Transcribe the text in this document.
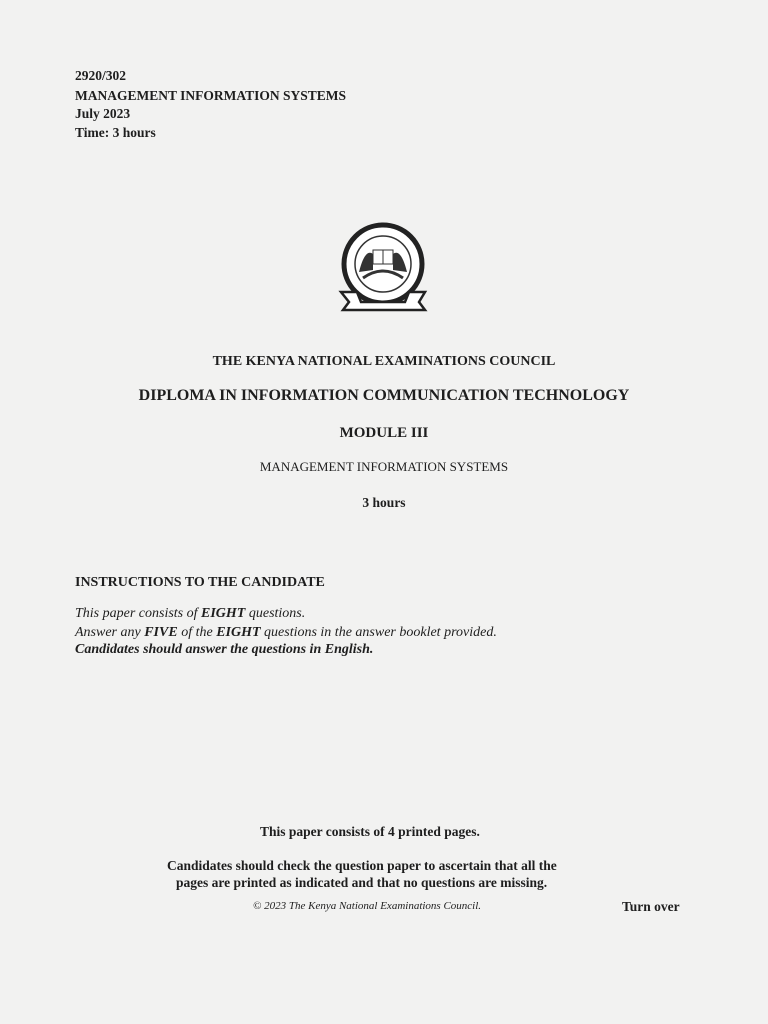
2920/302
MANAGEMENT INFORMATION SYSTEMS
July 2023
Time: 3 hours
THE KENYA NATIONAL EXAMINATIONS COUNCIL
DIPLOMA IN INFORMATION COMMUNICATION TECHNOLOGY
MODULE III
MANAGEMENT INFORMATION SYSTEMS
3 hours
INSTRUCTIONS TO THE CANDIDATE
This paper consists of EIGHT questions.
Answer any FIVE of the EIGHT questions in the answer booklet provided.
Candidates should answer the questions in English.
This paper consists of 4 printed pages.
Candidates should check the question paper to ascertain that all the
pages are printed as indicated and that no questions are missing.
© 2023 The Kenya National Examinations Council.	Turn over
